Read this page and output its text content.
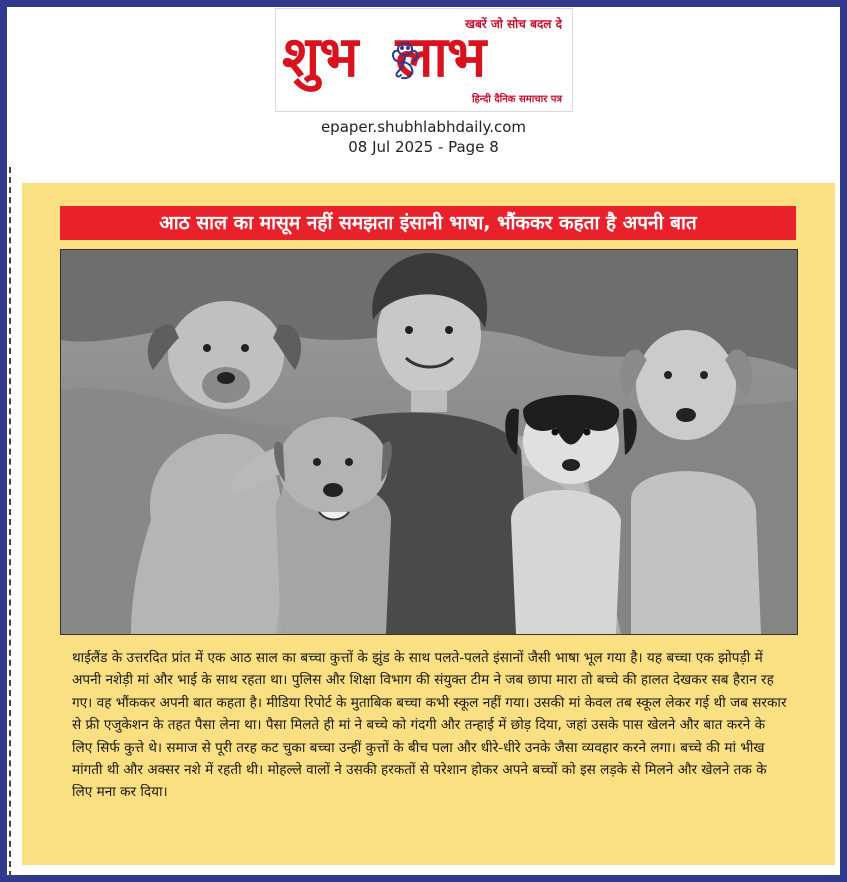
खबरें जो सोच बदल दे
शुभ लाभ
हिन्दी दैनिक समाचार पत्र
epaper.shubhlabhdaily.com
08 Jul 2025 - Page 8
आठ साल का मासूम नहीं समझता इंसानी भाषा, भौंककर कहता है अपनी बात

थाईलैंड के उत्तरदित प्रांत में एक आठ साल का बच्चा कुत्तों के झुंड के साथ पलते-पलते इंसानों जैसी भाषा भूल गया है। यह बच्चा एक झोपड़ी में अपनी नशेड़ी मां और भाई के साथ रहता था। पुलिस और शिक्षा विभाग की संयुक्त टीम ने जब छापा मारा तो बच्चे की हालत देखकर सब हैरान रह गए। वह भौंककर अपनी बात कहता है। मीडिया रिपोर्ट के मुताबिक बच्चा कभी स्कूल नहीं गया। उसकी मां केवल तब स्कूल लेकर गई थी जब सरकार से फ्री एजुकेशन के तहत पैसा लेना था। पैसा मिलते ही मां ने बच्चे को गंदगी और तन्हाई में छोड़ दिया, जहां उसके पास खेलने और बात करने के लिए सिर्फ कुत्ते थे। समाज से पूरी तरह कट चुका बच्चा उन्हीं कुत्तों के बीच पला और धीरे-धीरे उनके जैसा व्यवहार करने लगा। बच्चे की मां भीख मांगती थी और अक्सर नशे में रहती थी। मोहल्ले वालों ने उसकी हरकतों से परेशान होकर अपने बच्चों को इस लड़के से मिलने और खेलने तक के लिए मना कर दिया।
